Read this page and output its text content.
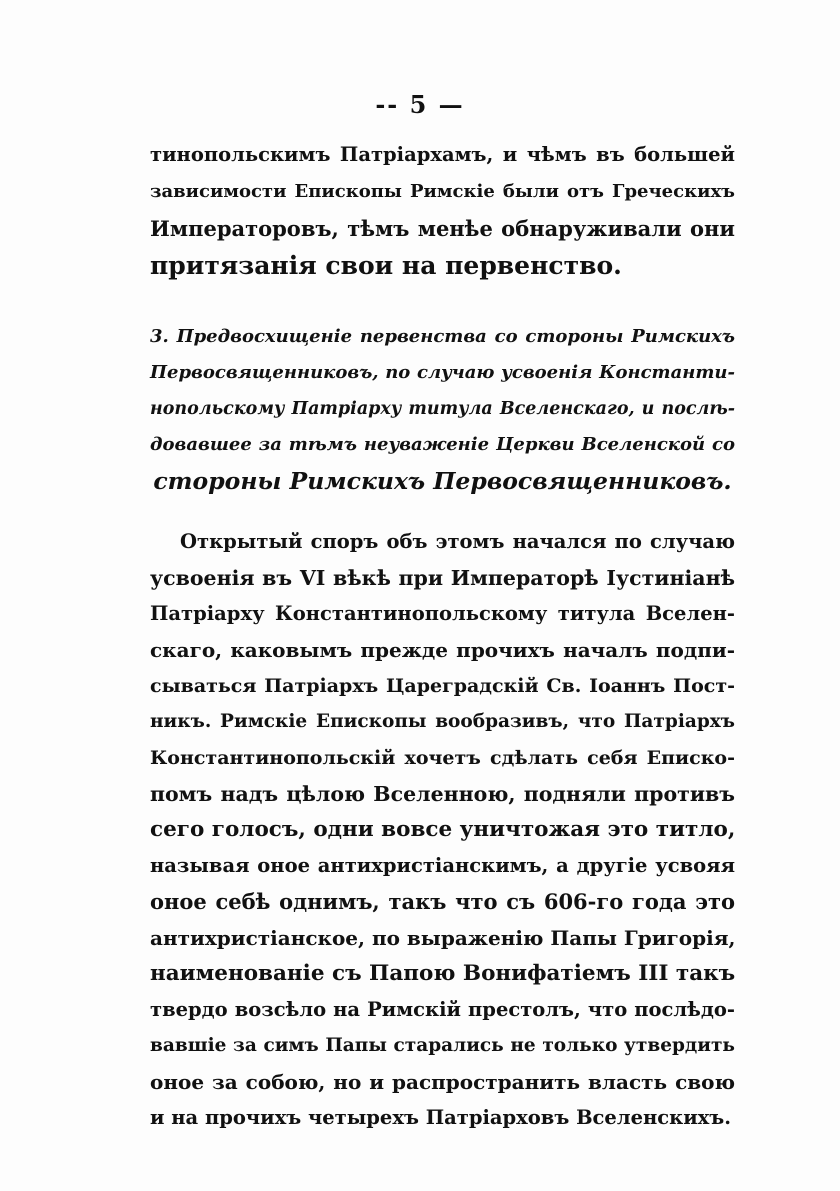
-- 5 —
тинопольскимъ Патріархамъ, и чѣмъ въ большей
зависимости Епископы Римскіе были отъ Греческихъ
Императоровъ, тѣмъ менѣе обнаруживали они
притязанія свои на первенство.
3. Предвосхищеніе первенства со стороны Римскихъ
Первосвященниковъ, по случаю усвоенія Константи-
нопольскому Патріарху титула Вселенскаго, и послѣ-
довавшее за тѣмъ неуваженіе Церкви Вселенской со
стороны Римскихъ Первосвященниковъ.
Открытый споръ объ этомъ начался по случаю
усвоенія въ VI вѣкѣ при Императорѣ Іустиніанѣ
Патріарху Константинопольскому титула Вселен-
скаго, каковымъ прежде прочихъ началъ подпи-
сываться Патріархъ Цареградскій Св. Іоаннъ Пост-
никъ. Римскіе Епископы вообразивъ, что Патріархъ
Константинопольскій хочетъ сдѣлать себя Еписко-
помъ надъ цѣлою Вселенною, подняли противъ
сего голосъ, одни вовсе уничтожая это титло,
называя оное антихристіанскимъ, а другіе усвояя
оное себѣ однимъ, такъ что съ 606-го года это
антихристіанское, по выраженію Папы Григорія,
наименованіе съ Папою Вонифатіемъ III такъ
твердо возсѣло на Римскій престолъ, что послѣдо-
вавшіе за симъ Папы старались не только утвердить
оное за собою, но и распространить власть свою
и на прочихъ четырехъ Патріарховъ Вселенскихъ.
